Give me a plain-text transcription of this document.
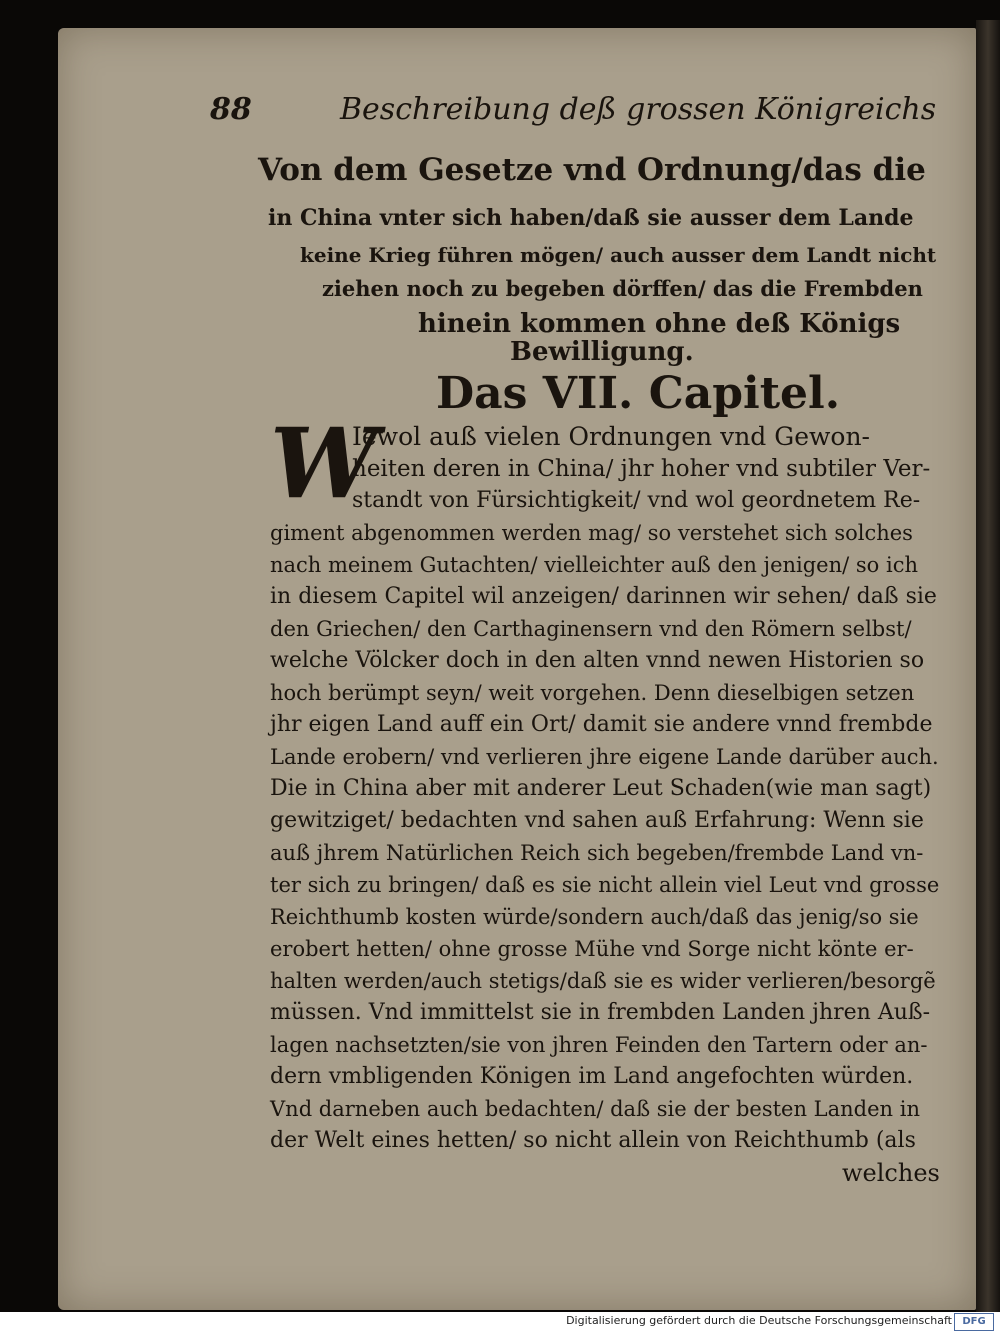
88	Beschreibung deß grossen Königreichs
Von dem Gesetze vnd Ordnung/das die
in China vnter sich haben/daß sie ausser dem Lande
keine Krieg führen mögen/ auch ausser dem Landt nicht
ziehen noch zu begeben dörffen/ das die Frembden
hinein kommen ohne deß Königs
Bewilligung.
Das VII. Capitel.
W
Iewol auß vielen Ordnungen vnd Gewon-
heiten deren in China/ jhr hoher vnd subtiler Ver-
standt von Fürsichtigkeit/ vnd wol geordnetem Re-
giment abgenommen werden mag/ so verstehet sich solches
nach meinem Gutachten/ vielleichter auß den jenigen/ so ich
in diesem Capitel wil anzeigen/ darinnen wir sehen/ daß sie
den Griechen/ den Carthaginensern vnd den Römern selbst/
welche Völcker doch in den alten vnnd newen Historien so
hoch berümpt seyn/ weit vorgehen. Denn dieselbigen setzen
jhr eigen Land auff ein Ort/ damit sie andere vnnd frembde
Lande erobern/ vnd verlieren jhre eigene Lande darüber auch.
Die in China aber mit anderer Leut Schaden(wie man sagt)
gewitziget/ bedachten vnd sahen auß Erfahrung: Wenn sie
auß jhrem Natürlichen Reich sich begeben/frembde Land vn-
ter sich zu bringen/ daß es sie nicht allein viel Leut vnd grosse
Reichthumb kosten würde/sondern auch/daß das jenig/so sie
erobert hetten/ ohne grosse Mühe vnd Sorge nicht könte er-
halten werden/auch stetigs/daß sie es wider verlieren/besorgẽ
müssen. Vnd immittelst sie in frembden Landen jhren Auß-
lagen nachsetzten/sie von jhren Feinden den Tartern oder an-
dern vmbligenden Königen im Land angefochten würden.
Vnd darneben auch bedachten/ daß sie der besten Landen in
der Welt eines hetten/ so nicht allein von Reichthumb (als
welches
Digitalisierung gefördert durch die Deutsche Forschungsgemeinschaft	DFG
